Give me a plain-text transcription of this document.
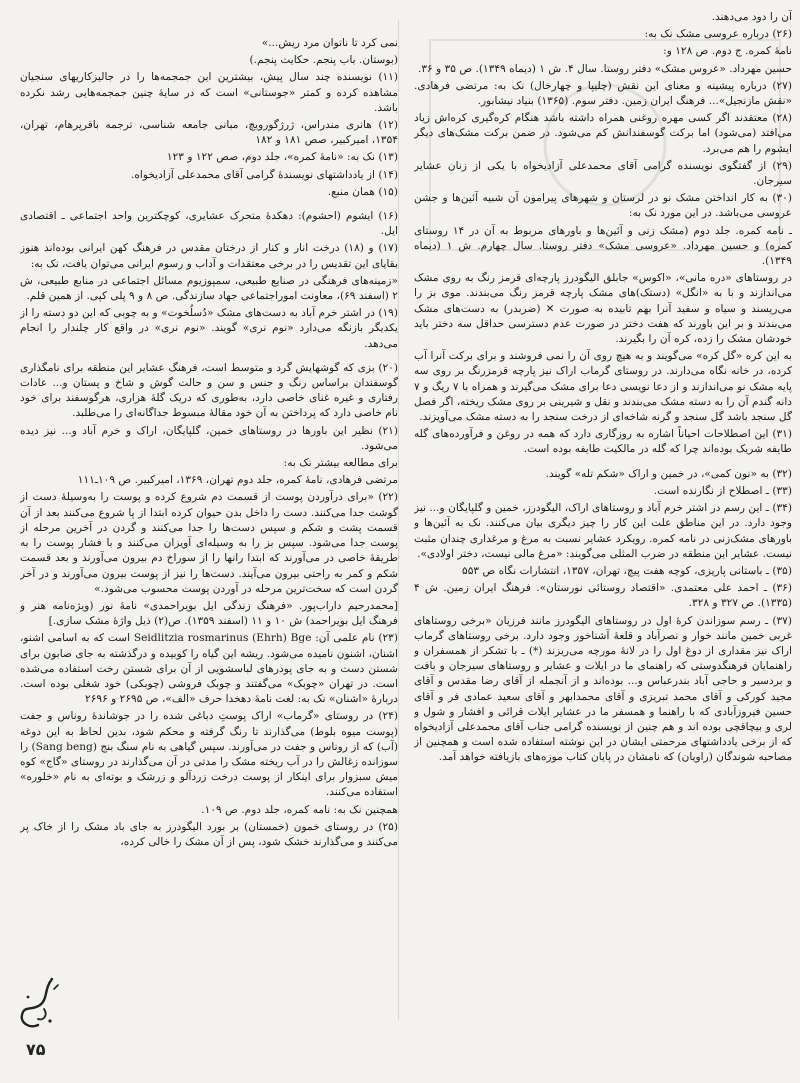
نمی کرد تا ناتوان مرد ریش...»

(بوستان. باب پنجم. حکایت پنجم.)

(۱۱) نویسنده چند سال پیش، بیشترین این جمجمه‌ها را در جالیزکاریهای سنجیان مشاهده کرده و کمتر «جوستانی» است که در سایهٔ چنین جمجمه‌هایی رشد نکرده باشد.

(۱۲) هانری مندراس، ژرژگورویچ، مبانی جامعه شناسی، ترجمه باقرپرهام، تهران، ۱۳۵۴، امیرکبیر، صص ۱۸۱ و ۱۸۲

(۱۳) نک به: «نامهٔ کمره»، جلد دوم، صص ۱۲۲ و ۱۲۳

(۱۴) از یادداشتهای نویسندهٔ گرامی آقای محمدعلی آزادیخواه.

(۱۵) همان منبع.

(۱۶) ایشوم (احشوم): دهکدهٔ متحرک عشایری، کوچکترین واحد اجتماعی ـ اقتصادی ایل.

(۱۷) و (۱۸) درخت انار و کنار از درختان مقدس در فرهنگ کهن ایرانی بوده‌اند هنوز بقایای این تقدیس را در برخی معتقدات و آداب و رسوم ایرانی می‌توان یافت، نک به:

«زمینه‌های فرهنگی در صنایع طبیعی، سمپوزیوم مسائل اجتماعی در منابع طبیعی، ش ۲ (اسفند ۶۹)، معاونت اموراجتماعی جهاد سازندگی. ص ۸ و ۹ پلی کپی. از همین قلم.

(۱۹) در اشتر خرم آباد به دست‌های مشک «دُسلُخوت» و به چوبی که این دو دسته را از یکدیگر بازنگه می‌دارد «نوم نری» گویند. «نوم نری» در واقع کار چلندار را انجام می‌دهد.

(۲۰) بزی که گوشهایش گرد و متوسط است، فرهنگ عشایر این منطقه برای نامگذاری گوسفندان براساس رنگ و جنس و سن و حالت گوش و شاخ و پستان و... عادات رفتاری و غیره غنای خاصی دارد، به‌طوری که دریک گلهٔ هزاری، هرگوسفند برای خود نام خاصی دارد که پرداختن به آن خود مقالهٔ مبسوط جداگانه‌ای را می‌طلبد.

(۲۱) نظیر این باورها در روستاهای خمین، گلپایگان، اراک و خرم آباد و... نیز دیده می‌شود.

برای مطالعه بیشتر نک به:

مرتضی فرهادی، نامهٔ کمره، جلد دوم تهران، ۱۳۶۹، امیرکبیر. ص ۱۰۹ـ۱۱۱

(۲۲) «برای درآوردن پوست از قسمت دم شروع کرده و پوست را به‌وسیلهٔ دست از گوشت جدا می‌کنند. دست را داخل بدن حیوان کرده ابتدا از پا شروع می‌کنند بعد از آن قسمت پشت و شکم و سپس دست‌ها را جدا می‌کنند و گردن در آخرین مرحله از پوست جدا می‌شود. سپس بز را به وسیله‌ای آویزان می‌کنند و با فشار پوست را به طریقهٔ خاصی در می‌آورند که ابتدا رانها را از سوراخ دم بیرون می‌آورند و بعد قسمت شکم و کمر به راحتی بیرون می‌آیند. دست‌ها را نیز از پوست بیرون می‌آورند و در آخر گردن است که سخت‌ترین مرحله در آوردن پوست محسوب می‌شود.»

[محمدرحیم داراب‌پور. «فرهنگ زندگی ایل بویراحمدی» نامهٔ نور (ویژه‌نامه هنر و فرهنگ ایل بویراحمد) ش ۱۰ و ۱۱ (اسفند ۱۳۵۹). ص(۲) ذیل واژهٔ مشک سازی.]

(۲۳) نام علمی آن: Seidlitzia rosmarinus (Ehrh) Bge است که به اسامی اشنو، اشنان، اشنون نامیده می‌شود. ریشه این گیاه را کوبیده و درگذشته به جای صابون برای شستن دست و به جای پودرهای لباسشویی از آن برای شستن رخت استفاده می‌شده است. در تهران «چوبک» می‌گفتند و چوبک فروشی (چوبکی) خود شغلی بوده است. دربارهٔ «اشنان» نک به: لغت نامهٔ دهخدا حرف «الف»، ص ۲۶۹۵ و ۲۶۹۶

(۲۴) در روستای «گرماب» اراک پوستِ دباغی شده را در جوشاندهٔ روناس و جفت (پوست میوه بلوط) می‌گذارند تا رنگ گرفته و محکم شود، بدین لحاظ به این دوغه (آب) که از روناس و جفت در می‌آورند. سپس گیاهی به نام سنگ بنج (Sang beng) را سوزانده زغالش را در آب ریخته مشک را مدتی در آن می‌گذارند در روستای «گاج» کوه میش سبزوار برای اینکار از پوست درخت زردآلو و زرشک و بوته‌ای به نام «خلوره» استفاده می‌کنند.

همچنین نک به: نامه کمره، جلد دوم. ص ۱۰۹.

(۲۵) در روستای خمون (خمستان) بر بورد الیگودرز به جای باد مشک را از خاک پر می‌کنند و می‌گذارند خشک شود، پس از آن مشک را خالی کرده،

آن را دود می‌دهند.

(۲۶) درباره عروسی مشک نک به:

نامهٔ کمره. ج دوم. ص ۱۲۸ و:

حسین مهرداد. «عروس مشک» دفتر روستا. سال ۴. ش ۱ (دیماه ۱۳۴۹). ص ۳۵ و ۳۶.

(۲۷) درباره پیشینه و معنای این نقش (چلیپا و چهارخال) نک به: مرتضی فرهادی. «نقش مازنجیل»... فرهنگ ایران زمین. دفتر سوم. (۱۳۶۵) بنیاد نیشابور.

(۲۸) معتقدند اگر کسی مهره روغنی همراه داشته باشد هنگام کره‌گیری کره‌اش زیاد می‌افتد (می‌شود) اما برکت گوسفندانش کم می‌شود. در ضمن برکت مشک‌های دیگر ایشوم را هم می‌برد.

(۲۹) از گفتگوی نویسنده گرامی آقای محمدعلی آزادیخواه با یکی از زنان عشایر سیرجان.

(۳۰) به کار انداختن مشک نو در لرستان و شهرهای پیرامون آن شبیه آئین‌ها و جشن عروسی می‌باشد. در این مورد نک به:

ـ نامه کمره. جلد دوم (مشک زنی و آئین‌ها و باورهای مربوط به آن در ۱۴ روستای کمره) و حسین مهرداد. «عروسی مشک» دفتر روستا. سال چهارم. ش ۱ (دیماه ۱۳۴۹).

در روستاهای «دره مانی»، «اکوس» جابلق الیگودرز پارچه‌ای قرمز رنگ به روی مشک می‌اندازند و با به «انگل» (دستک)های مشک پارچه قرمز رنگ می‌بندند. موی بز را می‌ریسند و سیاه و سفید آنرا بهم تابیده به صورت ✕ (ضربدر) به دست‌های مشک می‌بندند و بر این باورند که هفت دختر در صورت عدم دسترسی حداقل سه دختر باید خودشان مشک را زده، کره آن را بگیرند.

به این کره «گل کره» می‌گویند و به هیچ روی آن را نمی فروشند و برای برکت آنرا آب کرده، در خانه نگاه می‌دارند. در روستای گرماب اراک نیز پارچه قرمزرنگ بر روی سه پایه مشک نو می‌اندازند و از دعا نویسی دعا برای مشک می‌گیرند و همراه با ۷ ریگ و ۷ دانه گندم آن را به دسته مشک می‌بندند و نقل و شیرینی بر روی مشک ریخته، اگر فصل گل سنجد باشد گل سنجد و گرنه شاخه‌ای از درخت سنجد را به دسته مشک می‌آویزند.

(۳۱) این اصطلاحات احیاناً اشاره به روزگاری دارد که همه در روغن و فرآورده‌های گله طایفه شریک بوده‌اند چرا که گله در مالکیت طایفه بوده است.

(۳۲) به «نون کمی»، در خمین و اراک «شکم تله» گویند.

(۳۳) ـ اصطلاح از نگارنده است.

(۳۴) ـ این رسم در اشتر خرم آباد و روستاهای اراک، الیگودرز، خمین و گلپایگان و... نیز وجود دارد. در این مناطق علت این کار را چیز دیگری بیان می‌کنند. نک به آئین‌ها و باورهای مشک‌زنی در نامه کمره. رویکرد عشایر نسبت به مرغ و مرغداری چندان مثبت نیست. عشایر این منطقه در ضرب المثلی می‌گویند: «مرغ مالی نیست، دختر اولادی».

(۳۵) ـ باستانی پاریزی، کوچه هفت پیچ، تهران، ۱۳۵۷، انتشارات نگاه ص ۵۵۳

(۳۶) ـ احمد علی معتمدی. «اقتصاد روستائی نورستان». فرهنگ ایران زمین. ش ۴ (۱۳۳۵). ص ۳۲۷ و ۳۲۸.

(۳۷) ـ رسم سوزاندن کرهٔ اول در روستاهای الیگودرز مانند فرزیان «برخی روستاهای غربی خمین مانند خوار و نصرآباد و قلعهٔ آشناخور وجود دارد. برخی روستاهای گرماب اراک نیز مقداری از دوغ اول را در لانهٔ مورچه می‌ریزند (*) ـ با تشکر از همسفران و راهنمایان فرهنگدوستی که راهنمای ما در ایلات و عشایر و روستاهای سیرجان و بافت و بردسیر و حاجی آباد بندرعباس و... بوده‌اند و از آنجمله از آقای رضا مقدس و آقای مجید کورکی و آقای محمد تبریزی و آقای محمدابهر و آقای سعید عمادی فر و آقای حسین فیروزآبادی که با راهنما و همسفر ما در عشایر ایلات قرائی و افشار و شول و لری و بیچاقچی بوده اند و هم چنین از نویسنده گرامی جناب آقای محمدعلی آزادیخواه که از برخی یادداشتهای مرحمتی ایشان در این نوشته استفاده شده است و همچنین از مصاحبه شوندگان (راویان) که نامشان در پایان کتاب موزه‌های بازیافته خواهد آمد.

۷۵
